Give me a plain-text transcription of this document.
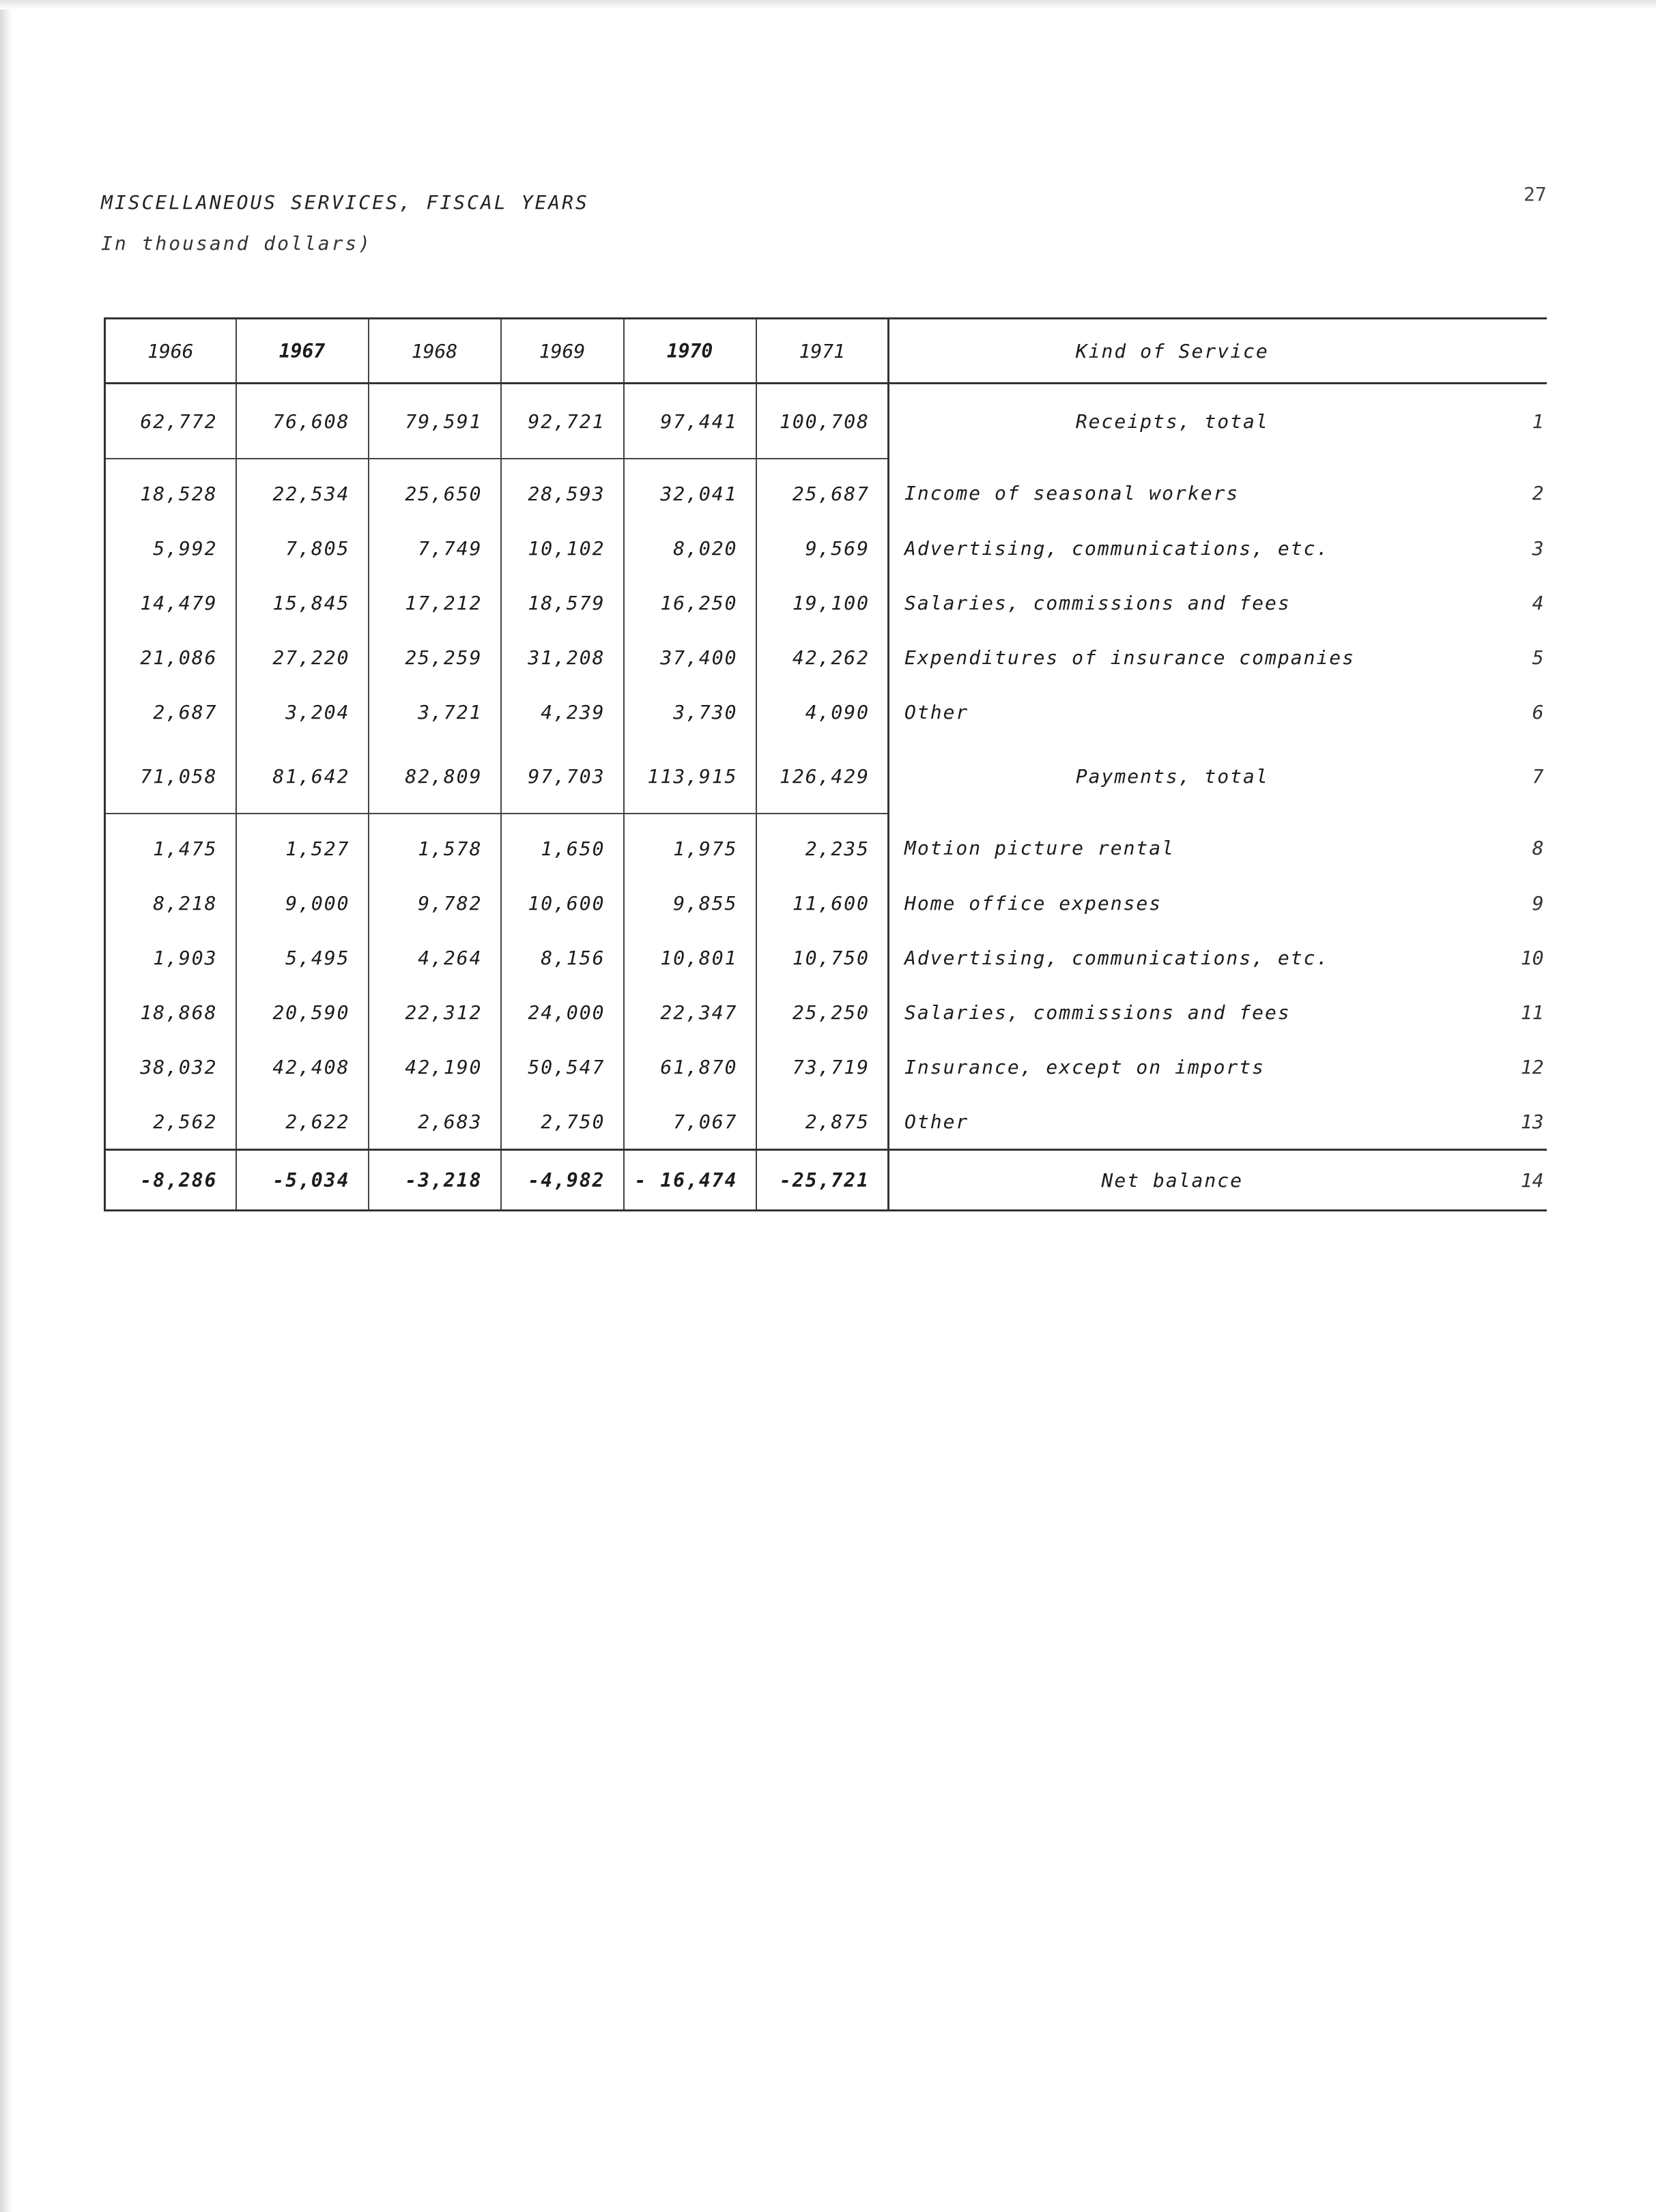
MISCELLANEOUS SERVICES, FISCAL YEARS
In thousand dollars)
27
1966	1967	1968	1969	1970	1971	Kind of Service	
62,772	76,608	79,591	92,721	97,441	100,708	Receipts, total	1
18,528	22,534	25,650	28,593	32,041	25,687	Income of seasonal workers	2
5,992	7,805	7,749	10,102	8,020	9,569	Advertising, communications, etc.	3
14,479	15,845	17,212	18,579	16,250	19,100	Salaries, commissions and fees	4
21,086	27,220	25,259	31,208	37,400	42,262	Expenditures of insurance companies	5
2,687	3,204	3,721	4,239	3,730	4,090	Other	6
71,058	81,642	82,809	97,703	113,915	126,429	Payments, total	7
1,475	1,527	1,578	1,650	1,975	2,235	Motion picture rental	8
8,218	9,000	9,782	10,600	9,855	11,600	Home office expenses	9
1,903	5,495	4,264	8,156	10,801	10,750	Advertising, communications, etc.	10
18,868	20,590	22,312	24,000	22,347	25,250	Salaries, commissions and fees	11
38,032	42,408	42,190	50,547	61,870	73,719	Insurance, except on imports	12
2,562	2,622	2,683	2,750	7,067	2,875	Other	13
-8,286	-5,034	-3,218	-4,982	- 16,474	-25,721	Net balance	14
